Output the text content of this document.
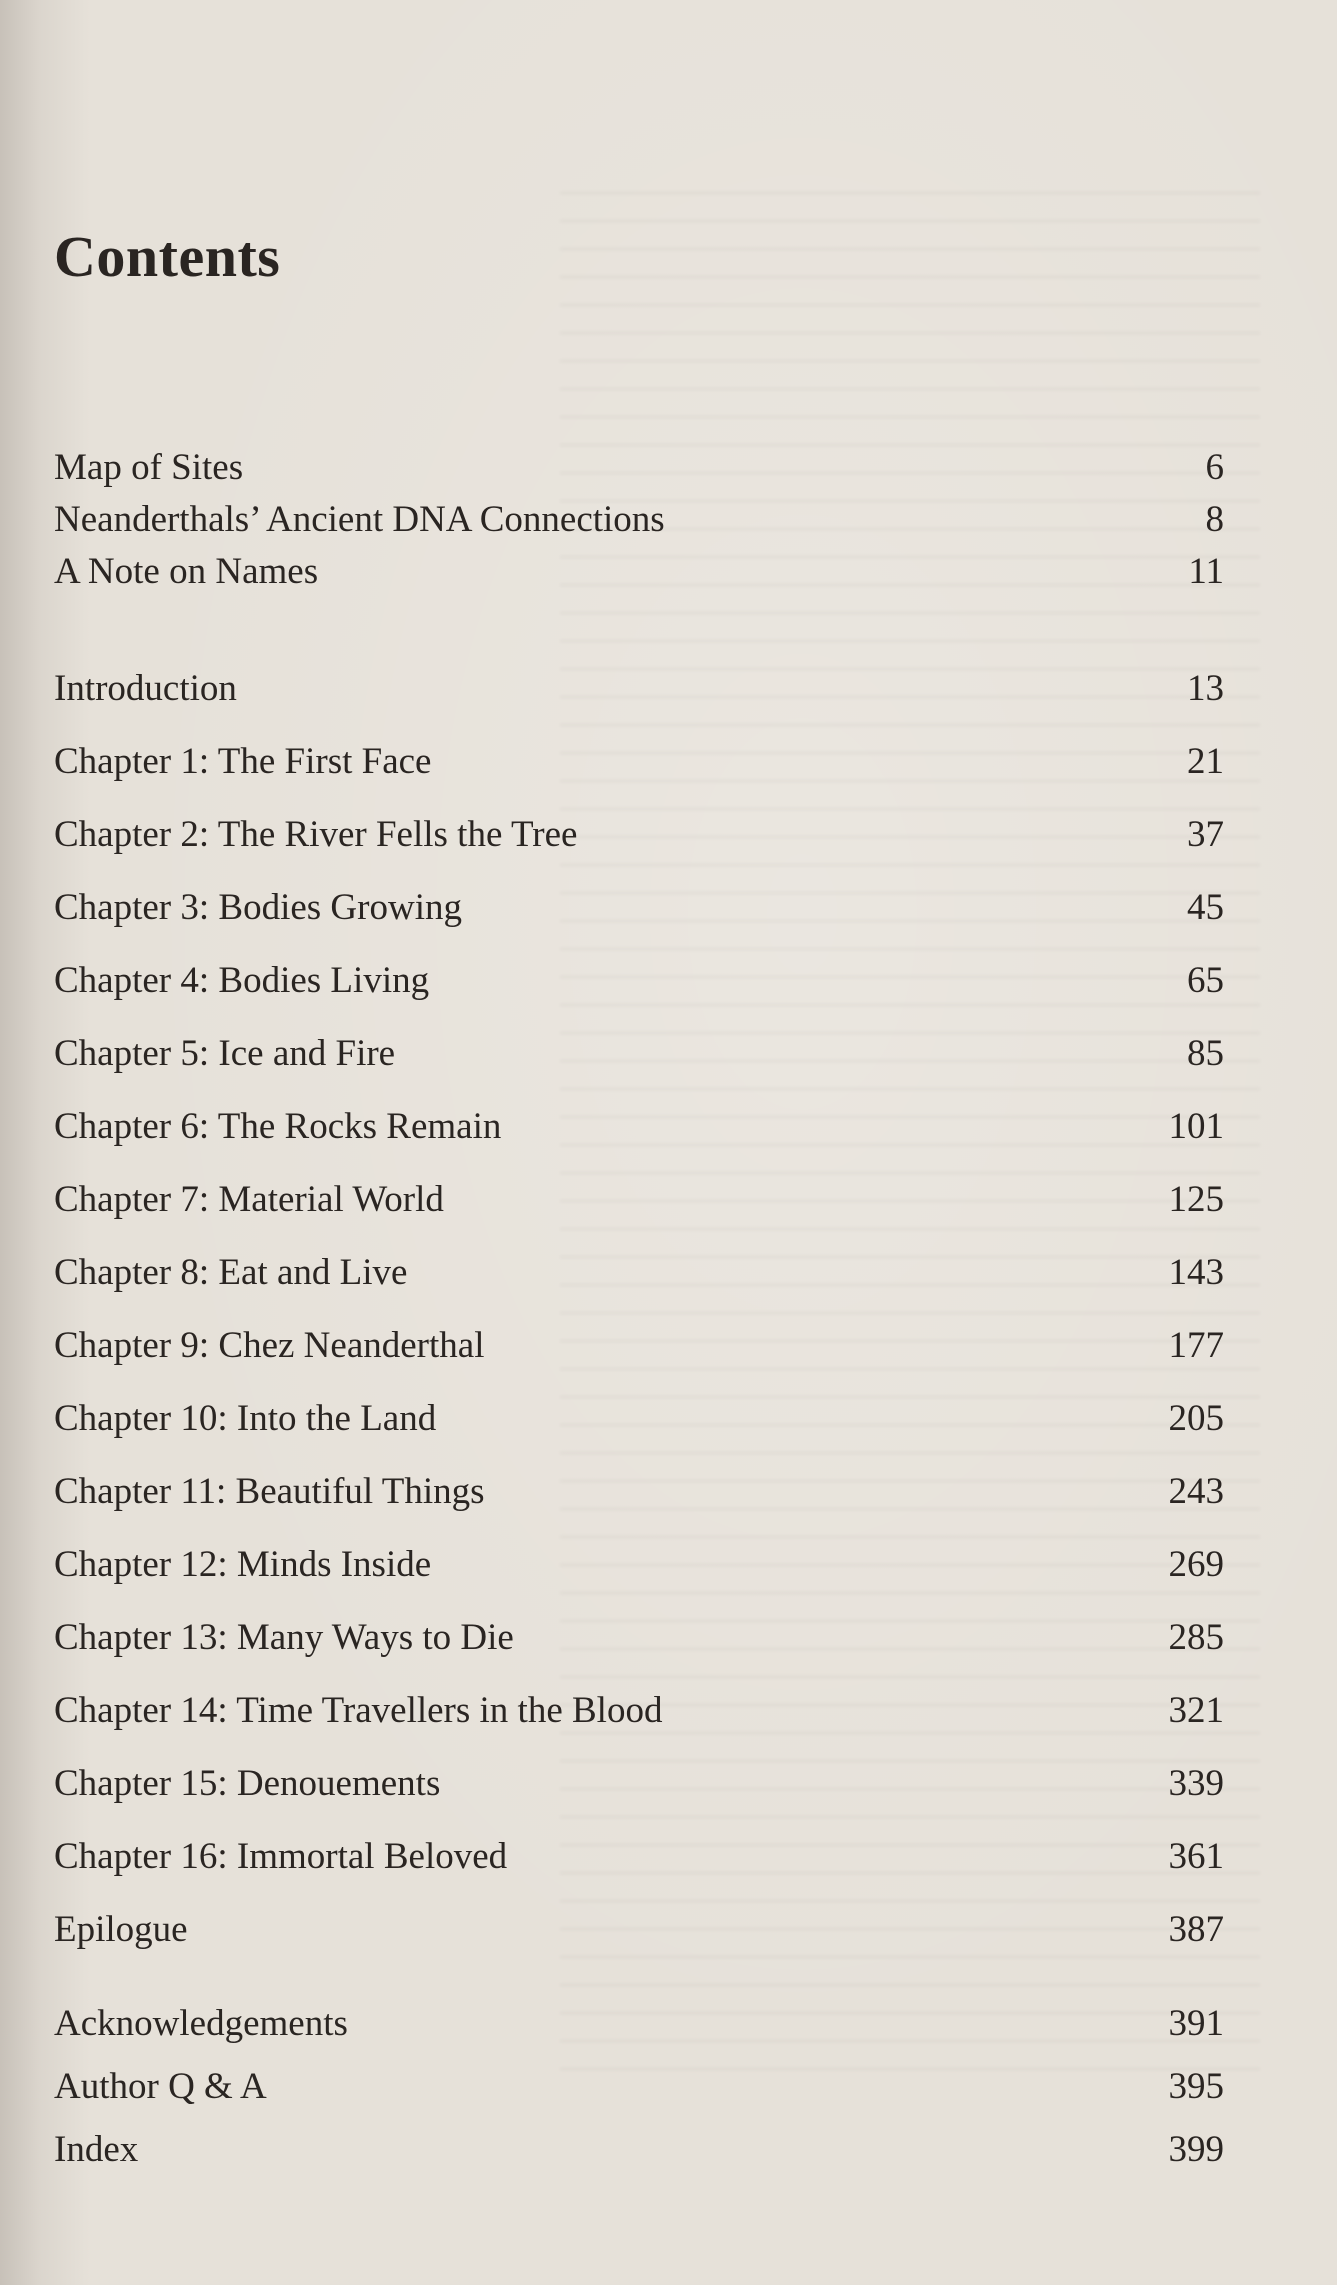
Contents
Map of Sites	6
Neanderthals’ Ancient DNA Connections	8
A Note on Names	11
Introduction	13
Chapter 1: The First Face	21
Chapter 2: The River Fells the Tree	37
Chapter 3: Bodies Growing	45
Chapter 4: Bodies Living	65
Chapter 5: Ice and Fire	85
Chapter 6: The Rocks Remain	101
Chapter 7: Material World	125
Chapter 8: Eat and Live	143
Chapter 9: Chez Neanderthal	177
Chapter 10: Into the Land	205
Chapter 11: Beautiful Things	243
Chapter 12: Minds Inside	269
Chapter 13: Many Ways to Die	285
Chapter 14: Time Travellers in the Blood	321
Chapter 15: Denouements	339
Chapter 16: Immortal Beloved	361
Epilogue	387
Acknowledgements	391
Author Q & A	395
Index	399
